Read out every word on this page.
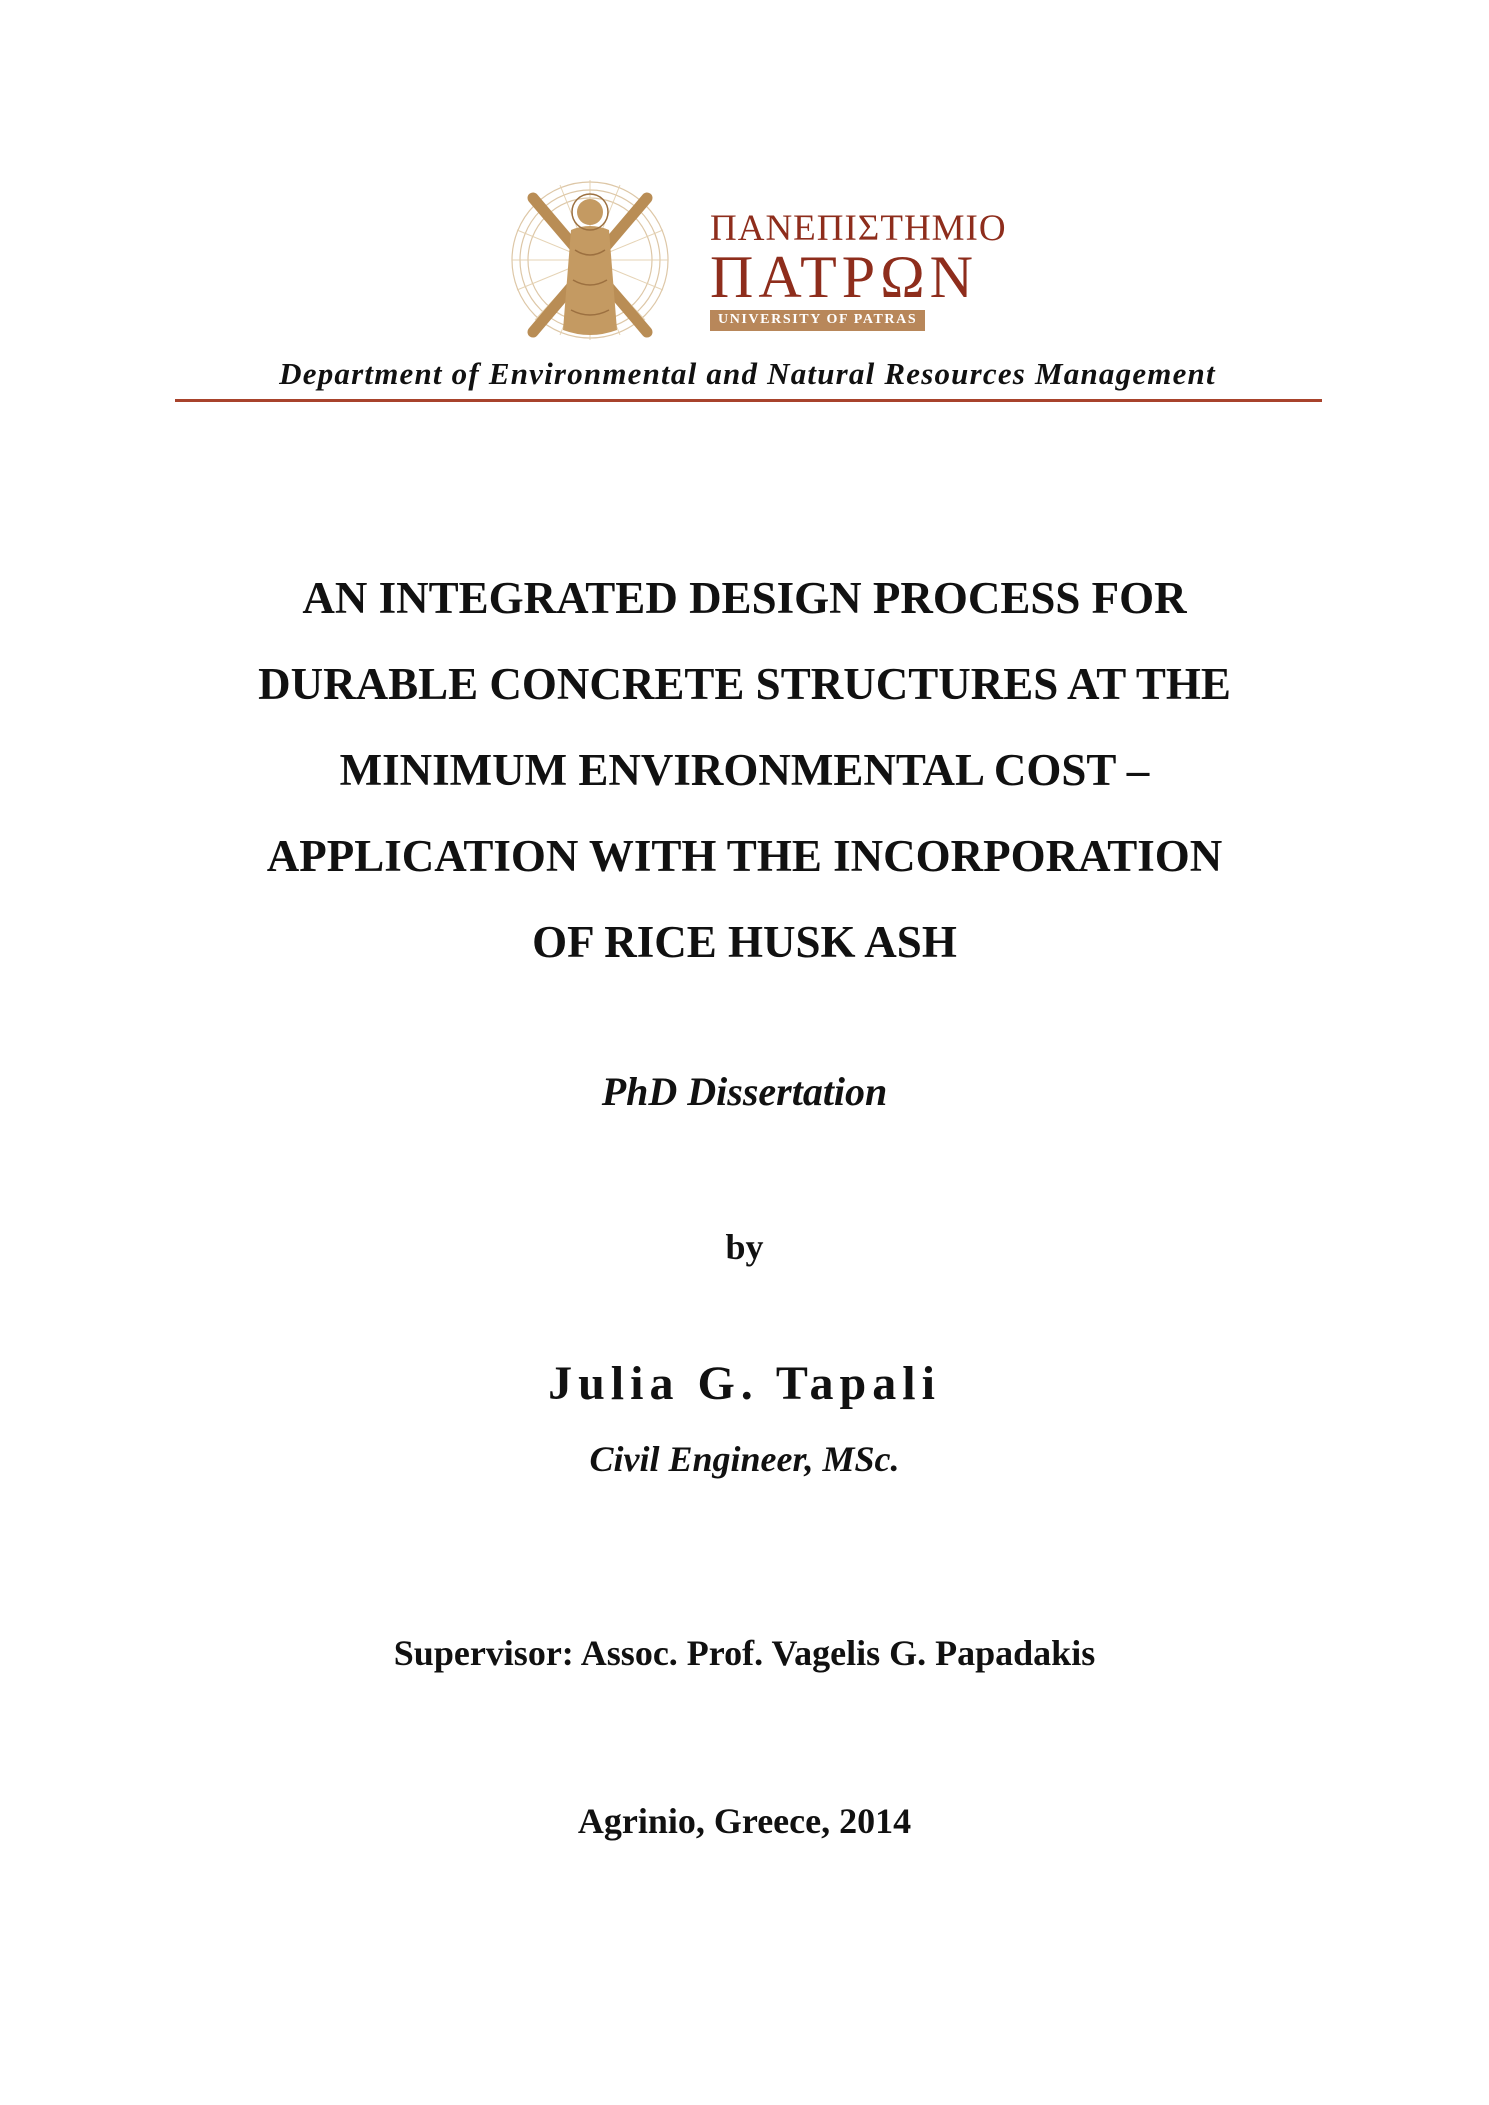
ΠΑΝΕΠΙΣΤΗΜΙΟ
ΠΑΤΡΩΝ
UNIVERSITY OF PATRAS
Department of Environmental and Natural Resources Management
AN INTEGRATED DESIGN PROCESS FOR
DURABLE CONCRETE STRUCTURES AT THE
MINIMUM ENVIRONMENTAL COST –
APPLICATION WITH THE INCORPORATION
OF RICE HUSK ASH
PhD Dissertation
by
Julia G. Tapali
Civil Engineer, MSc.
Supervisor: Assoc. Prof. Vagelis G. Papadakis
Agrinio, Greece, 2014
